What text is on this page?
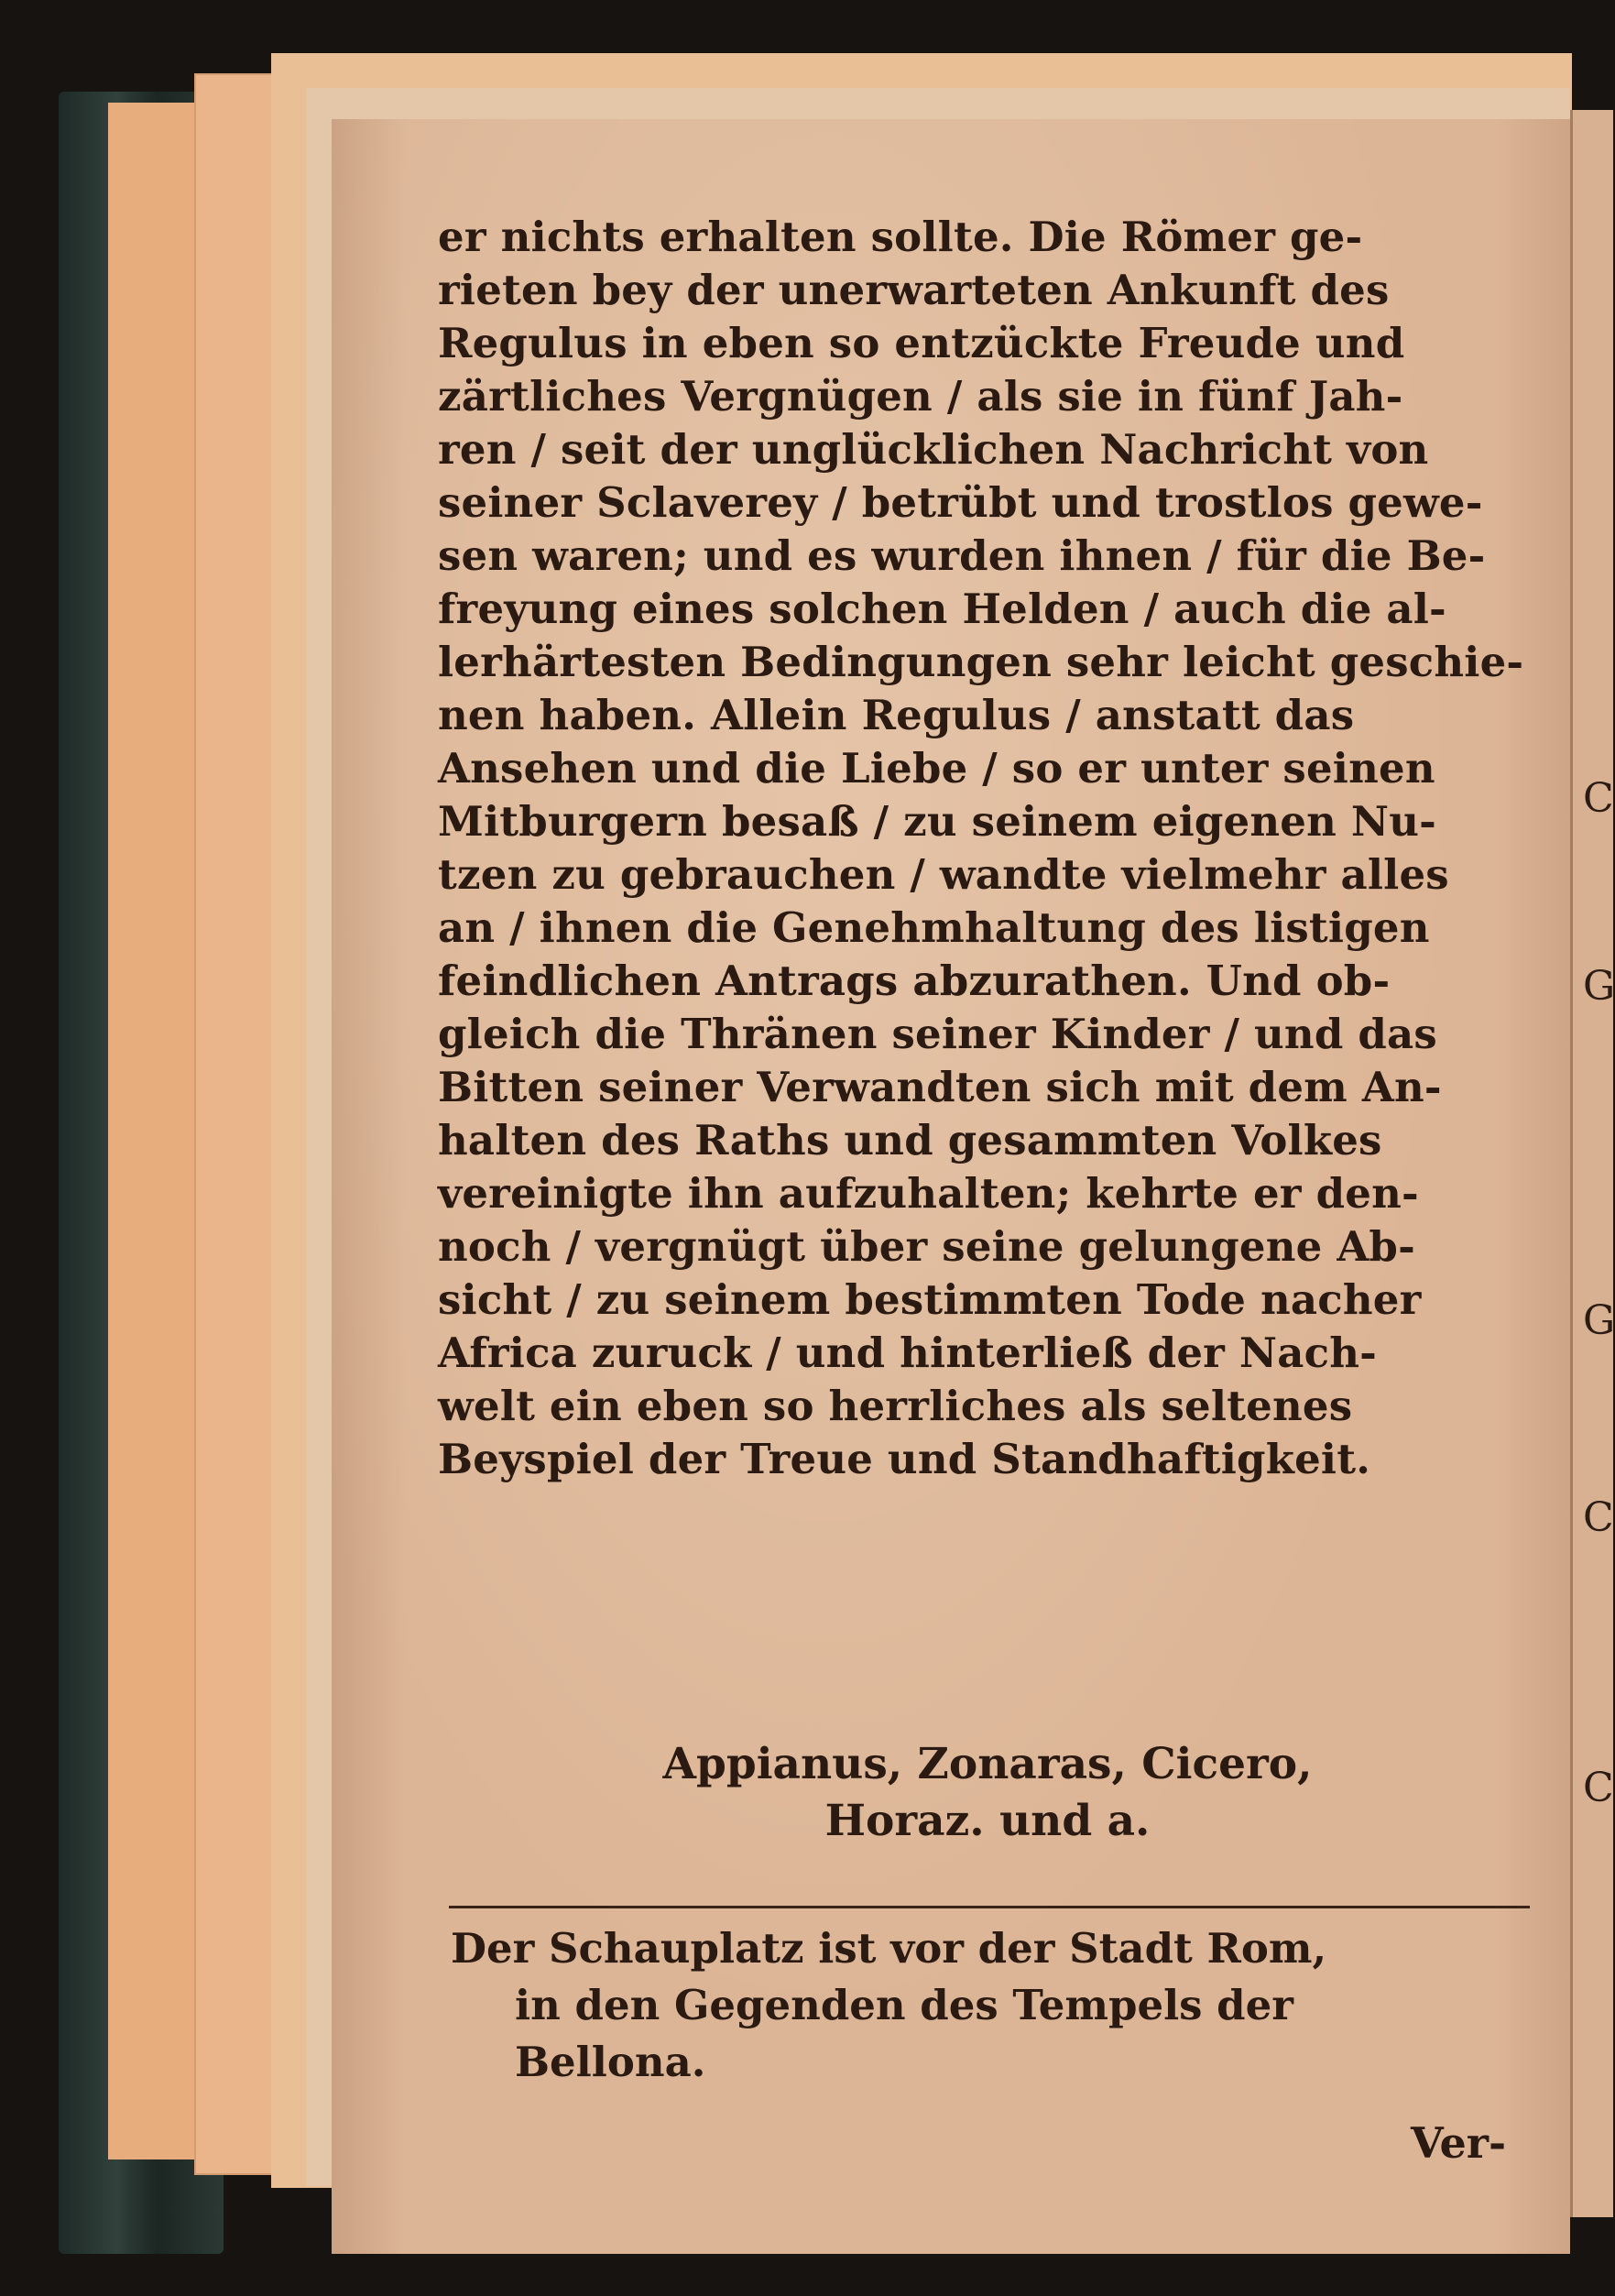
C
G
G
C
C
er nichts erhalten sollte. Die Römer ge-
rieten bey der unerwarteten Ankunft des
Regulus in eben so entzückte Freude und
zärtliches Vergnügen / als sie in fünf Jah-
ren / seit der unglücklichen Nachricht von
seiner Sclaverey / betrübt und trostlos gewe-
sen waren; und es wurden ihnen / für die Be-
freyung eines solchen Helden / auch die al-
lerhärtesten Bedingungen sehr leicht geschie-
nen haben. Allein Regulus / anstatt das
Ansehen und die Liebe / so er unter seinen
Mitburgern besaß / zu seinem eigenen Nu-
tzen zu gebrauchen / wandte vielmehr alles
an / ihnen die Genehmhaltung des listigen
feindlichen Antrags abzurathen. Und ob-
gleich die Thränen seiner Kinder / und das
Bitten seiner Verwandten sich mit dem An-
halten des Raths und gesammten Volkes
vereinigte ihn aufzuhalten; kehrte er den-
noch / vergnügt über seine gelungene Ab-
sicht / zu seinem bestimmten Tode nacher
Africa zuruck / und hinterließ der Nach-
welt ein eben so herrliches als seltenes
Beyspiel der Treue und Standhaftigkeit.
Appianus, Zonaras, Cicero,
Horaz. und a.
Der Schauplatz ist vor der Stadt Rom,
in den Gegenden des Tempels der
Bellona.
Ver-
